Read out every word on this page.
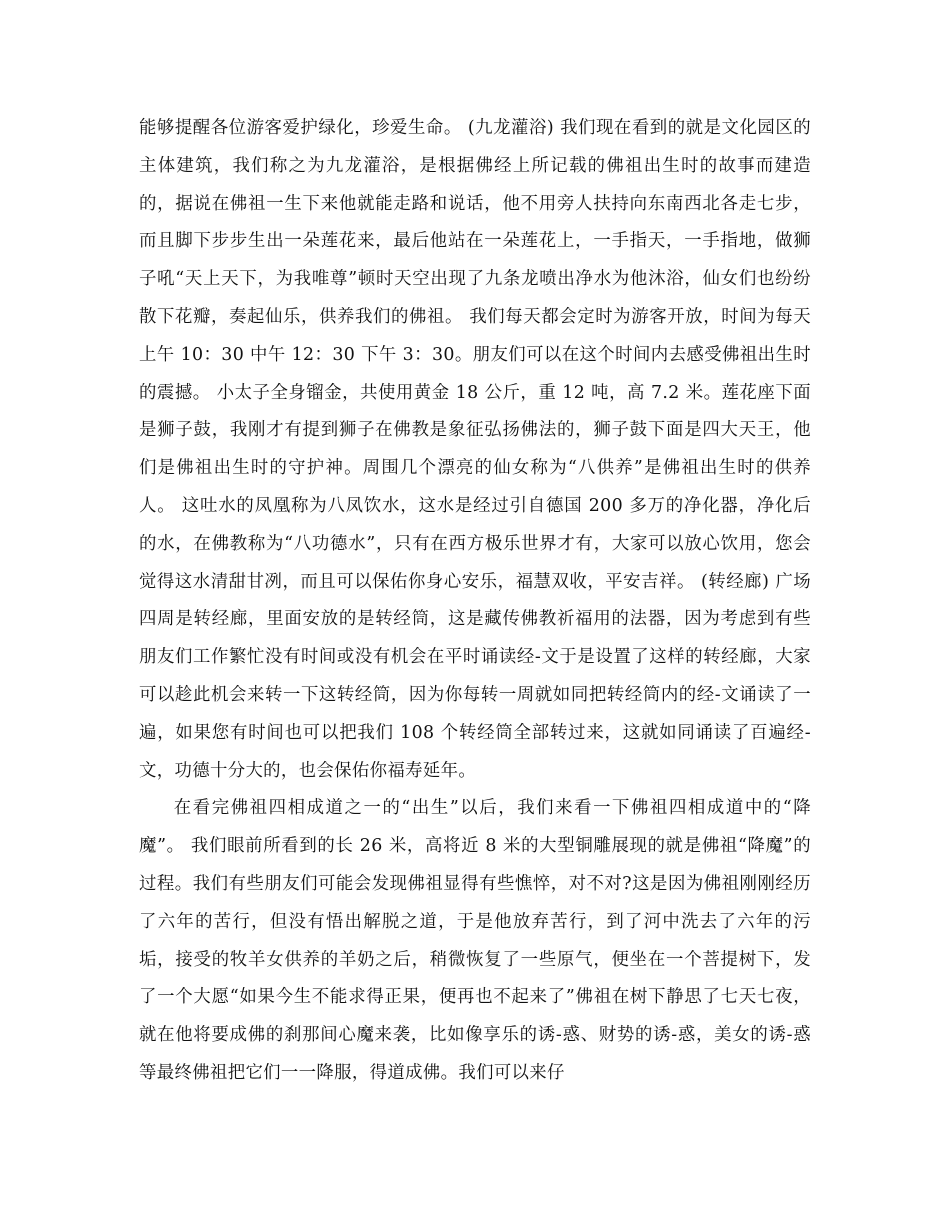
能够提醒各位游客爱护绿化，珍爱生命。 (九龙灌浴) 我们现在看到的就是文化园区的主体建筑，我们称之为九龙灌浴，是根据佛经上所记载的佛祖出生时的故事而建造的，据说在佛祖一生下来他就能走路和说话，他不用旁人扶持向东南西北各走七步，而且脚下步步生出一朵莲花来，最后他站在一朵莲花上，一手指天，一手指地，做狮子吼“天上天下，为我唯尊”顿时天空出现了九条龙喷出净水为他沐浴，仙女们也纷纷散下花瓣，奏起仙乐，供养我们的佛祖。 我们每天都会定时为游客开放，时间为每天上午 10：30 中午 12：30 下午 3：30。朋友们可以在这个时间内去感受佛祖出生时的震撼。 小太子全身镏金，共使用黄金 18 公斤，重 12 吨，高 7.2 米。莲花座下面是狮子鼓，我刚才有提到狮子在佛教是象征弘扬佛法的，狮子鼓下面是四大天王，他们是佛祖出生时的守护神。周围几个漂亮的仙女称为“八供养”是佛祖出生时的供养人。 这吐水的凤凰称为八凤饮水，这水是经过引自德国 200 多万的净化器，净化后的水，在佛教称为“八功德水”，只有在西方极乐世界才有，大家可以放心饮用，您会觉得这水清甜甘冽，而且可以保佑你身心安乐，福慧双收，平安吉祥。 (转经廊) 广场四周是转经廊，里面安放的是转经筒，这是藏传佛教祈福用的法器，因为考虑到有些朋友们工作繁忙没有时间或没有机会在平时诵读经-文于是设置了这样的转经廊，大家可以趁此机会来转一下这转经筒，因为你每转一周就如同把转经筒内的经-文诵读了一遍，如果您有时间也可以把我们 108 个转经筒全部转过来，这就如同诵读了百遍经-文，功德十分大的，也会保佑你福寿延年。

在看完佛祖四相成道之一的“出生”以后，我们来看一下佛祖四相成道中的“降魔”。 我们眼前所看到的长 26 米，高将近 8 米的大型铜雕展现的就是佛祖“降魔”的过程。我们有些朋友们可能会发现佛祖显得有些憔悴，对不对?这是因为佛祖刚刚经历了六年的苦行，但没有悟出解脱之道，于是他放弃苦行，到了河中洗去了六年的污垢，接受的牧羊女供养的羊奶之后，稍微恢复了一些原气，便坐在一个菩提树下，发了一个大愿“如果今生不能求得正果，便再也不起来了”佛祖在树下静思了七天七夜，就在他将要成佛的刹那间心魔来袭，比如像享乐的诱-惑、财势的诱-惑，美女的诱-惑等最终佛祖把它们一一降服，得道成佛。我们可以来仔
